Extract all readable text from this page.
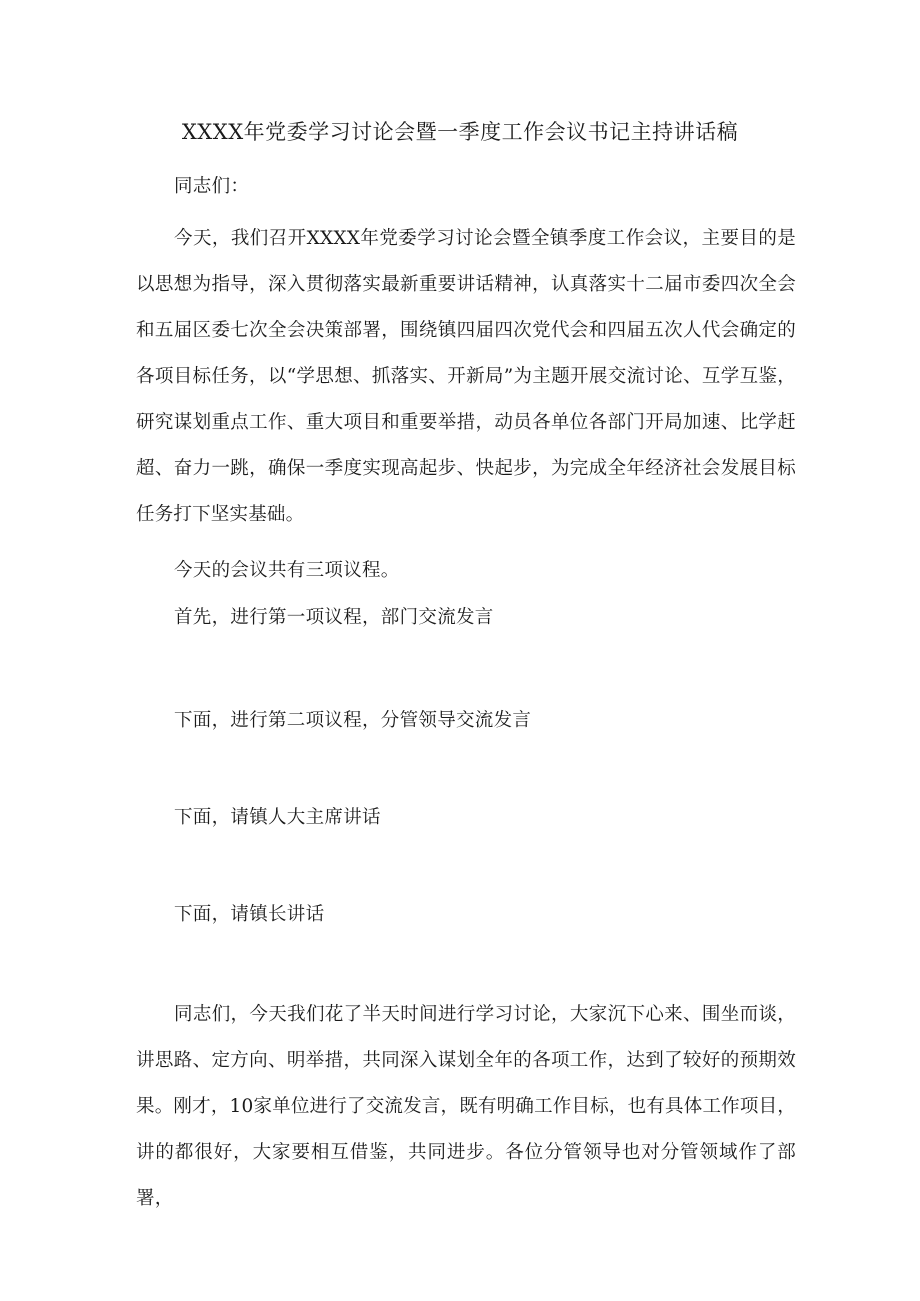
XXXX年党委学习讨论会暨一季度工作会议书记主持讲话稿
同志们：
今天，我们召开XXXX年党委学习讨论会暨全镇季度工作会议，主要目的是以思想为指导，深入贯彻落实最新重要讲话精神，认真落实十二届市委四次全会和五届区委七次全会决策部署，围绕镇四届四次党代会和四届五次人代会确定的各项目标任务，以“学思想、抓落实、开新局”为主题开展交流讨论、互学互鉴，研究谋划重点工作、重大项目和重要举措，动员各单位各部门开局加速、比学赶超、奋力一跳，确保一季度实现高起步、快起步，为完成全年经济社会发展目标任务打下坚实基础。
今天的会议共有三项议程。
首先，进行第一项议程，部门交流发言
下面，进行第二项议程，分管领导交流发言
下面，请镇人大主席讲话
下面，请镇长讲话
同志们，今天我们花了半天时间进行学习讨论，大家沉下心来、围坐而谈，讲思路、定方向、明举措，共同深入谋划全年的各项工作，达到了较好的预期效果。刚才，10家单位进行了交流发言，既有明确工作目标，也有具体工作项目，讲的都很好，大家要相互借鉴，共同进步。各位分管领导也对分管领域作了部署，
